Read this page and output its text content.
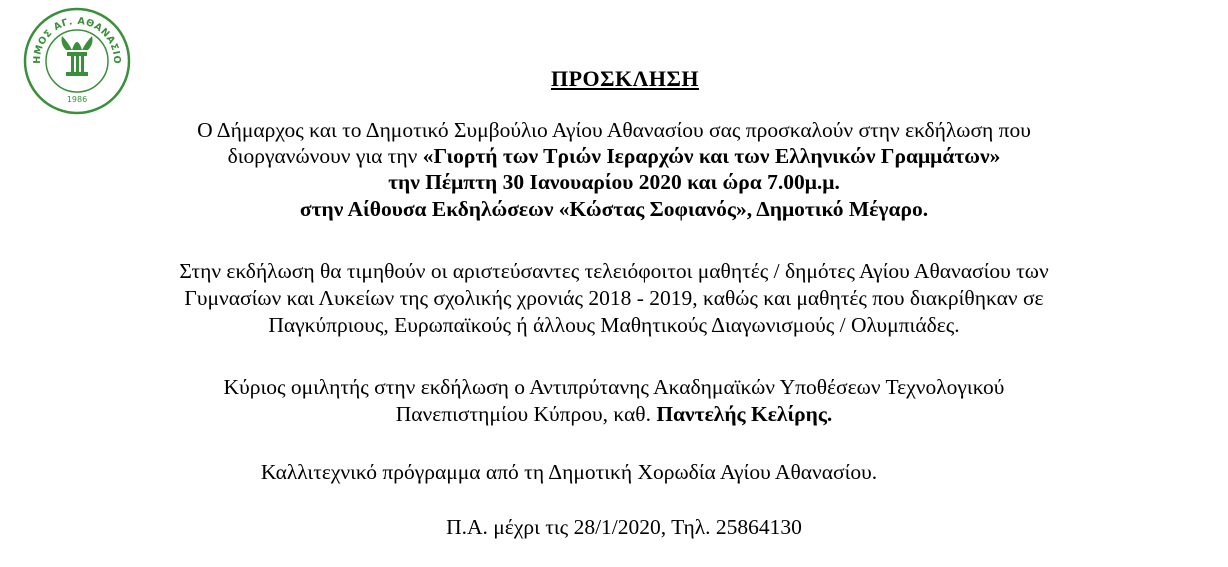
ΗΜΟΣ ΑΓ. ΑΘΑΝΑΣΙΟ
1986
ΠΡΟΣΚΛΗΣΗ
Ο Δήμαρχος και το Δημοτικό Συμβούλιο Αγίου Αθανασίου σας προσκαλούν στην εκδήλωση που
διοργανώνουν για την «Γιορτή των Τριών Ιεραρχών και των Ελληνικών Γραμμάτων»
την Πέμπτη 30 Ιανουαρίου 2020 και ώρα 7.00μ.μ.
στην Αίθουσα Εκδηλώσεων «Κώστας Σοφιανός», Δημοτικό Μέγαρο.
Στην εκδήλωση θα τιμηθούν οι αριστεύσαντες τελειόφοιτοι μαθητές / δημότες Αγίου Αθανασίου των
Γυμνασίων και Λυκείων της σχολικής χρονιάς 2018 - 2019, καθώς και μαθητές που διακρίθηκαν σε
Παγκύπριους, Ευρωπαϊκούς ή άλλους Μαθητικούς Διαγωνισμούς / Ολυμπιάδες.
Κύριος ομιλητής στην εκδήλωση ο Αντιπρύτανης Ακαδημαϊκών Υποθέσεων Τεχνολογικού
Πανεπιστημίου Κύπρου, καθ. Παντελής Κελίρης.
Καλλιτεχνικό πρόγραμμα από τη Δημοτική Χορωδία Αγίου Αθανασίου.
Π.Α. μέχρι τις 28/1/2020, Τηλ. 25864130
